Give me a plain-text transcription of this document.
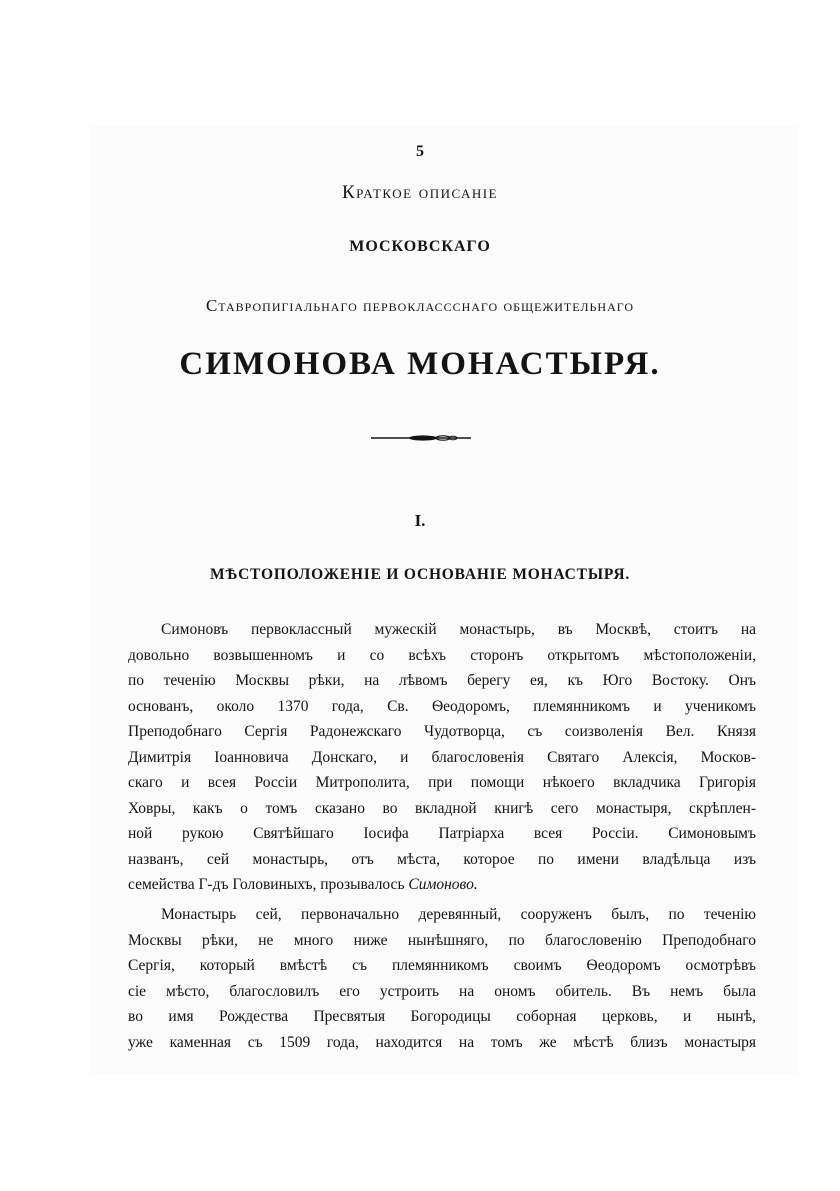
5
Краткое описаніе
МОСКОВСКАГО
Ставропигіальнаго первоклассснаго общежительнаго
СИМОНОВА МОНАСТЫРЯ.
I.
МѢСТОПОЛОЖЕНІЕ И ОСНОВАНІЕ МОНАСТЫРЯ.
Симоновъ первоклассный мужескій монастырь, въ Москвѣ, стоитъ на
довольно возвышенномъ и со всѣхъ сторонъ открытомъ мѣстоположеніи,
по теченію Москвы рѣки, на лѣвомъ берегу ея, къ Юго Востоку. Онъ
основанъ, около 1370 года, Св. Ѳеодоромъ, племянникомъ и ученикомъ
Преподобнаго Сергія Радонежскаго Чудотворца, съ соизволенія Вел. Князя
Димитрія Іоанновича Донскаго, и благословенія Святаго Алексія, Москов-
скаго и всея Россіи Митрополита, при помощи нѣкоего вкладчика Григорія
Ховры, какъ о томъ сказано во вкладной книгѣ сего монастыря, скрѣплен-
ной рукою Святѣйшаго Іосифа Патріарха всея Россіи. Симоновымъ
названъ, сей монастырь, отъ мѣста, которое по имени владѣльца изъ
семейства Г-дъ Головиныхъ, прозывалось Симоново.
Монастырь сей, первоначально деревянный, сооруженъ былъ, по теченію
Москвы рѣки, не много ниже нынѣшняго, по благословенію Преподобнаго
Сергія, который вмѣстѣ съ племянникомъ своимъ Ѳеодоромъ осмотрѣвъ
сіе мѣсто, благословилъ его устроить на ономъ обитель. Въ немъ была
во имя Рождества Пресвятыя Богородицы соборная церковь, и нынѣ,
уже каменная съ 1509 года, находится на томъ же мѣстѣ близъ монастыря
